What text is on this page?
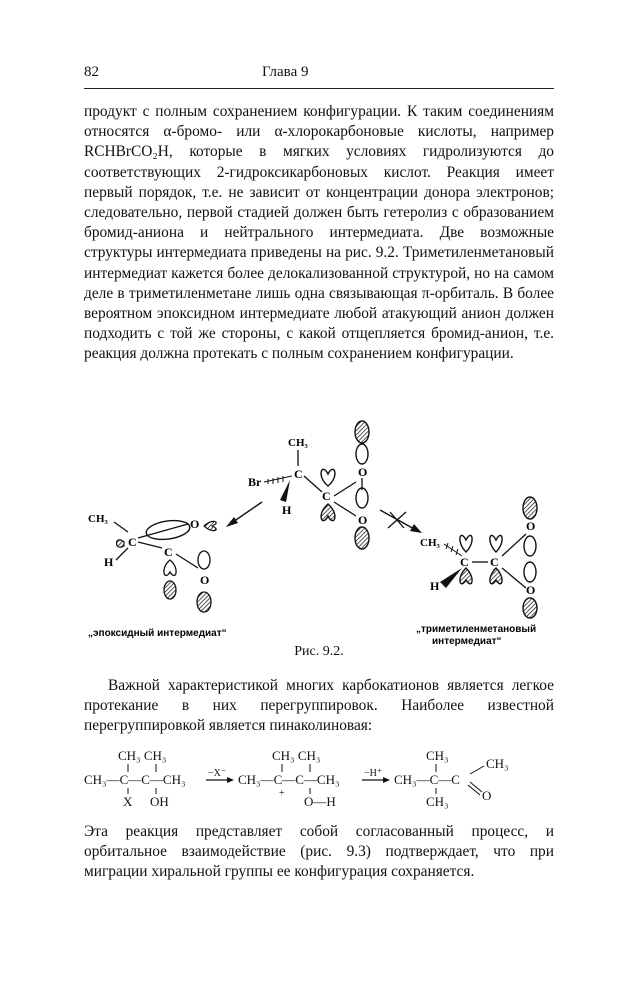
82	Глава 9
продукт с полным сохранением конфигурации. К таким соединениям относятся α-бромо- или α-хлорокарбоновые кислоты, например RCHBrCO₂H, которые в мягких условиях гидролизуются до соответствующих 2-гидроксикарбоновых кислот. Реакция имеет первый порядок, т.е. не зависит от концентрации донора электронов; следовательно, первой стадией должен быть гетеролиз с образованием бромид-аниона и нейтрального интермедиата. Две возможные структуры интермедиата приведены на рис. 9.2. Триметиленметановый интермедиат кажется более делокализованной структурой, но на самом деле в триметиленметане лишь одна связывающая π-орбиталь. В более вероятном эпоксидном интермедиате любой атакующий анион должен подходить с той же стороны, с какой отщепляется бромид-анион, т.е. реакция должна протекать с полным сохранением конфигурации.
CH₃
C
Br
H
C
O
O
CH₃
C
H
C
O
O
„эпоксидный интермедиат“
CH₃
C
H
C
O
O
„триметиленметановый
интермедиат“
Рис. 9.2.
Важной характеристикой многих карбокатионов является легкое протекание в них перегруппировок. Наиболее известной перегруппировкой является пинаколиновая:
CH₃ CH₃
CH₃—C—C—CH₃
X OH
−X⁻
CH₃ CH₃
CH₃—C—C—CH₃
+
O—H
−H⁺
CH₃
CH₃—C—C
CH₃
O
CH₃
Эта реакция представляет собой согласованный процесс, и орбитальное взаимодействие (рис. 9.3) подтверждает, что при миграции хиральной группы ее конфигурация сохраняется.
